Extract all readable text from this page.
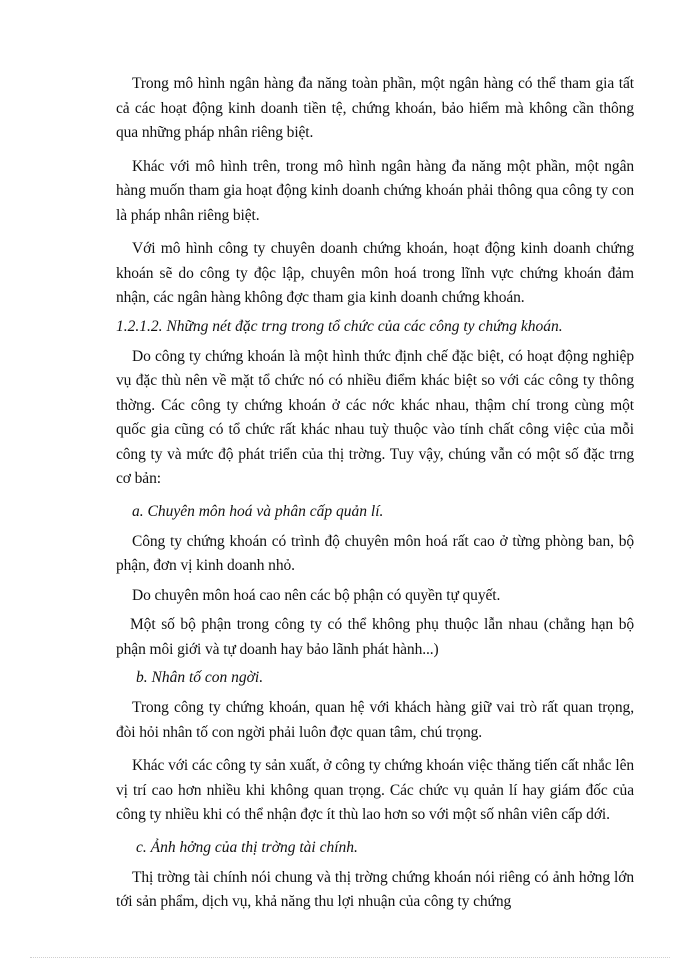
Trong mô hình ngân hàng đa năng toàn phần, một ngân hàng có thể tham gia tất cả các hoạt động kinh doanh tiền tệ, chứng khoán, bảo hiểm mà không cần thông qua những pháp nhân riêng biệt.

Khác với mô hình trên, trong mô hình ngân hàng đa năng một phần, một ngân hàng muốn tham gia hoạt động kinh doanh chứng khoán phải thông qua công ty con là pháp nhân riêng biệt.

Với mô hình công ty chuyên doanh chứng khoán, hoạt động kinh doanh chứng khoán sẽ do công ty độc lập, chuyên môn hoá trong lĩnh vực chứng khoán đảm nhận, các ngân hàng không đợc tham gia kinh doanh chứng khoán.

1.2.1.2. Những nét đặc trng trong tổ chức của các công ty chứng khoán.

Do công ty chứng khoán là một hình thức định chế đặc biệt, có hoạt động nghiệp vụ đặc thù nên về mặt tổ chức nó có nhiều điểm khác biệt so với các công ty thông thờng. Các công ty chứng khoán ở các nớc khác nhau, thậm chí trong cùng một quốc gia cũng có tổ chức rất khác nhau tuỳ thuộc vào tính chất công việc của mỗi công ty và mức độ phát triển của thị trờng. Tuy vậy, chúng vẫn có một số đặc trng cơ bản:

a. Chuyên môn hoá và phân cấp quản lí.

Công ty chứng khoán có trình độ chuyên môn hoá rất cao ở từng phòng ban, bộ phận, đơn vị kinh doanh nhỏ.

Do chuyên môn hoá cao nên các bộ phận có quyền tự quyết.

Một số bộ phận trong công ty có thể không phụ thuộc lẫn nhau (chẳng hạn bộ phận môi giới và tự doanh hay bảo lãnh phát hành...)

b. Nhân tố con ngời.

Trong công ty chứng khoán, quan hệ với khách hàng giữ vai trò rất quan trọng, đòi hỏi nhân tố con ngời phải luôn đợc quan tâm, chú trọng.

Khác với các công ty sản xuất, ở công ty chứng khoán việc thăng tiến cất nhắc lên vị trí cao hơn nhiều khi không quan trọng. Các chức vụ quản lí hay giám đốc của công ty nhiều khi có thể nhận đợc ít thù lao hơn so với một số nhân viên cấp dới.

c. Ảnh hởng của thị trờng tài chính.

Thị trờng tài chính nói chung và thị trờng chứng khoán nói riêng có ảnh hởng lớn tới sản phẩm, dịch vụ, khả năng thu lợi nhuận của công ty chứng
